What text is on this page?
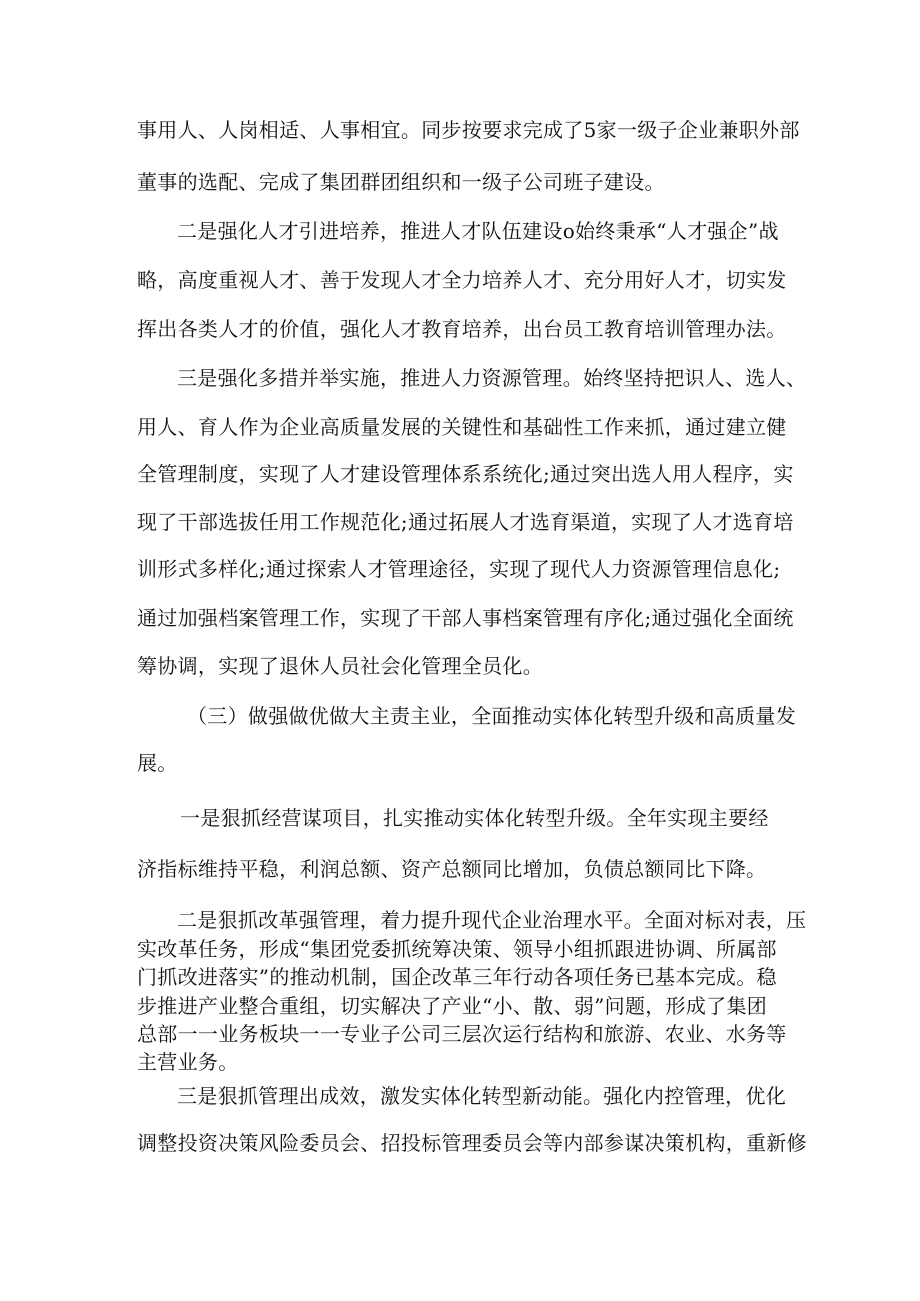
事用人、人岗相适、人事相宜。同步按要求完成了5家一级子企业兼职外部
董事的选配、完成了集团群团组织和一级子公司班子建设。
二是强化人才引进培养，推进人才队伍建设o始终秉承“人才强企”战
略，高度重视人才、善于发现人才全力培养人才、充分用好人才，切实发
挥出各类人才的价值，强化人才教育培养，出台员工教育培训管理办法。
三是强化多措并举实施，推进人力资源管理。始终坚持把识人、选人、
用人、育人作为企业高质量发展的关键性和基础性工作来抓，通过建立健
全管理制度，实现了人才建设管理体系系统化;通过突出选人用人程序，实
现了干部选拔任用工作规范化;通过拓展人才选育渠道，实现了人才选育培
训形式多样化;通过探索人才管理途径，实现了现代人力资源管理信息化;
通过加强档案管理工作，实现了干部人事档案管理有序化;通过强化全面统
筹协调，实现了退休人员社会化管理全员化。
（三）做强做优做大主责主业，全面推动实体化转型升级和高质量发
展。
一是狠抓经营谋项目，扎实推动实体化转型升级。全年实现主要经
济指标维持平稳，利润总额、资产总额同比增加，负债总额同比下降。
二是狠抓改革强管理，着力提升现代企业治理水平。全面对标对表，压
实改革任务，形成“集团党委抓统筹决策、领导小组抓跟进协调、所属部
门抓改进落实”的推动机制，国企改革三年行动各项任务已基本完成。稳
步推进产业整合重组，切实解决了产业“小、散、弱”问题，形成了集团
总部一一业务板块一一专业子公司三层次运行结构和旅游、农业、水务等
主营业务。
三是狠抓管理出成效，激发实体化转型新动能。强化内控管理，优化
调整投资决策风险委员会、招投标管理委员会等内部参谋决策机构，重新修
